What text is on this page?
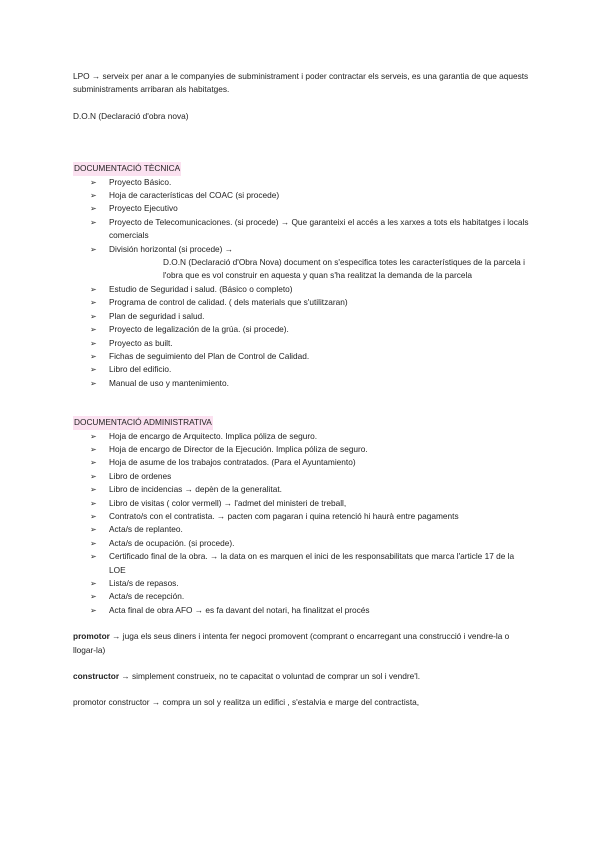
LPO → serveix per anar a le companyies de subministrament i poder contractar els serveis, es una garantia de que aquests subministraments arribaran als habitatges.

D.O.N (Declaració d'obra nova)

DOCUMENTACIÓ TÈCNICA

➢ Proyecto Básico.
➢ Hoja de características del COAC (si procede)
➢ Proyecto Ejecutivo
➢ Proyecto de Telecomunicaciones. (si procede) → Que garanteixi el accés a les xarxes a tots els habitatges i locals comercials
➢ División horizontal (si procede) →
D.O.N (Declaració d'Obra Nova) document on s'especifica totes les característiques de la parcela i l'obra que es vol construir en aquesta y quan s'ha realitzat la demanda de la parcela
➢ Estudio de Seguridad i salud. (Básico o completo)
➢ Programa de control de calidad. ( dels materials que s'utilitzaran)
➢ Plan de seguridad i salud.
➢ Proyecto de legalización de la grúa. (si procede).
➢ Proyecto as built.
➢ Fichas de seguimiento del Plan de Control de Calidad.
➢ Libro del edificio.
➢ Manual de uso y mantenimiento.

DOCUMENTACIÓ ADMINISTRATIVA

➢ Hoja de encargo de Arquitecto. Implica póliza de seguro.
➢ Hoja de encargo de Director de la Ejecución. Implica póliza de seguro.
➢ Hoja de asume de los trabajos contratados. (Para el Ayuntamiento)
➢ Libro de ordenes
➢ Libro de incidencias → depèn de la generalitat.
➢ Libro de visitas ( color vermell) → l'admet del ministeri de treball,
➢ Contrato/s con el contratista. → pacten com pagaran i quina retenció hi haurà entre pagaments
➢ Acta/s de replanteo.
➢ Acta/s de ocupación. (si procede).
➢ Certificado final de la obra. → la data on es marquen el inici de les responsabilitats que marca l'article 17 de la LOE
➢ Lista/s de repasos.
➢ Acta/s de recepción.
➢ Acta final de obra AFO → es fa davant del notari, ha finalitzat el procés

promotor → juga els seus diners i intenta fer negoci promovent (comprant o encarregant una construcció i vendre-la o llogar-la)

constructor → simplement construeix, no te capacitat o voluntad de comprar un sol i vendre'l.

promotor constructor → compra un sol y realitza un edifici , s'estalvia e marge del contractista,
